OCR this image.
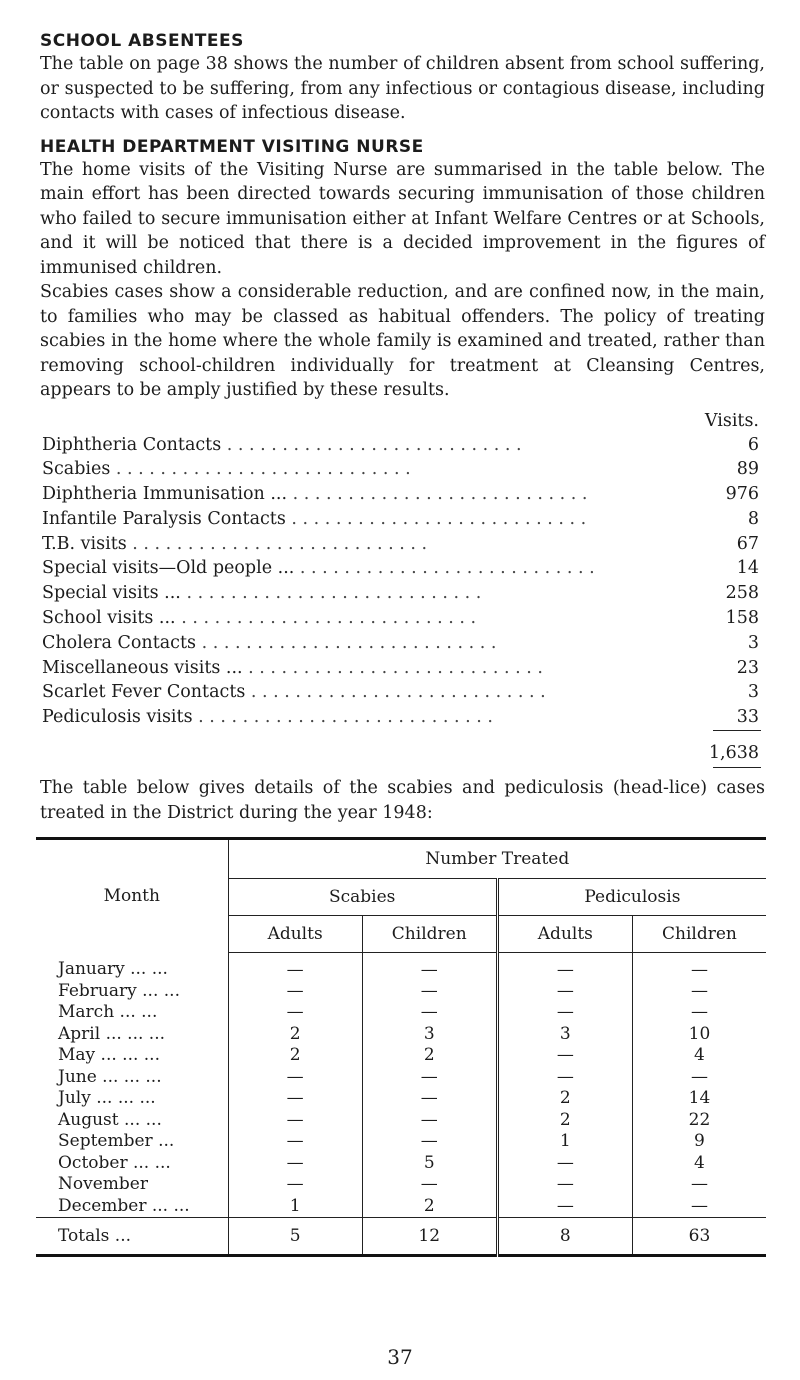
SCHOOL ABSENTEES

The table on page 38 shows the number of children absent from school suffering, or suspected to be suffering, from any infectious or contagious disease, including contacts with cases of infectious disease.

HEALTH DEPARTMENT VISITING NURSE

The home visits of the Visiting Nurse are summarised in the table below. The main effort has been directed towards securing immunisation of those children who failed to secure immunisation either at Infant Welfare Centres or at Schools, and it will be noticed that there is a decided improvement in the figures of immunised children.

Scabies cases show a considerable reduction, and are confined now, in the main, to families who may be classed as habitual offenders. The policy of treating scabies in the home where the whole family is examined and treated, rather than removing school-children individually for treatment at Cleansing Centres, appears to be amply justified by these results.

Visits.
Diphtheria Contacts . .	6
Scabies . .	89
Diphtheria Immunisation ... . .	976
Infantile Paralysis Contacts . .	8
T.B. visits . .	67
Special visits—Old people ... . .	14
Special visits ... . .	258
School visits ... . .	158
Cholera Contacts . .	3
Miscellaneous visits ... . .	23
Scarlet Fever Contacts . .	3
Pediculosis visits . .	33
1,638

The table below gives details of the scabies and pediculosis (head-lice) cases treated in the District during the year 1948:

Month	Number Treated			
	Scabies		Pediculosis	
	Adults	Children	Adults	Children
January ... ...	—	—	—	—
February ... ...	—	—	—	—
March ... ...	—	—	—	—
April ... ... ...	2	3	3	10
May ... ... ...	2	2	—	4
June ... ... ...	—	—	—	—
July ... ... ...	—	—	2	14
August ... ...	—	—	2	22
September ...	—	—	1	9
October ... ...	—	5	—	4
November	—	—	—	—
December ... ...	1	2	—	—
Totals ...	5	12	8	63
37
